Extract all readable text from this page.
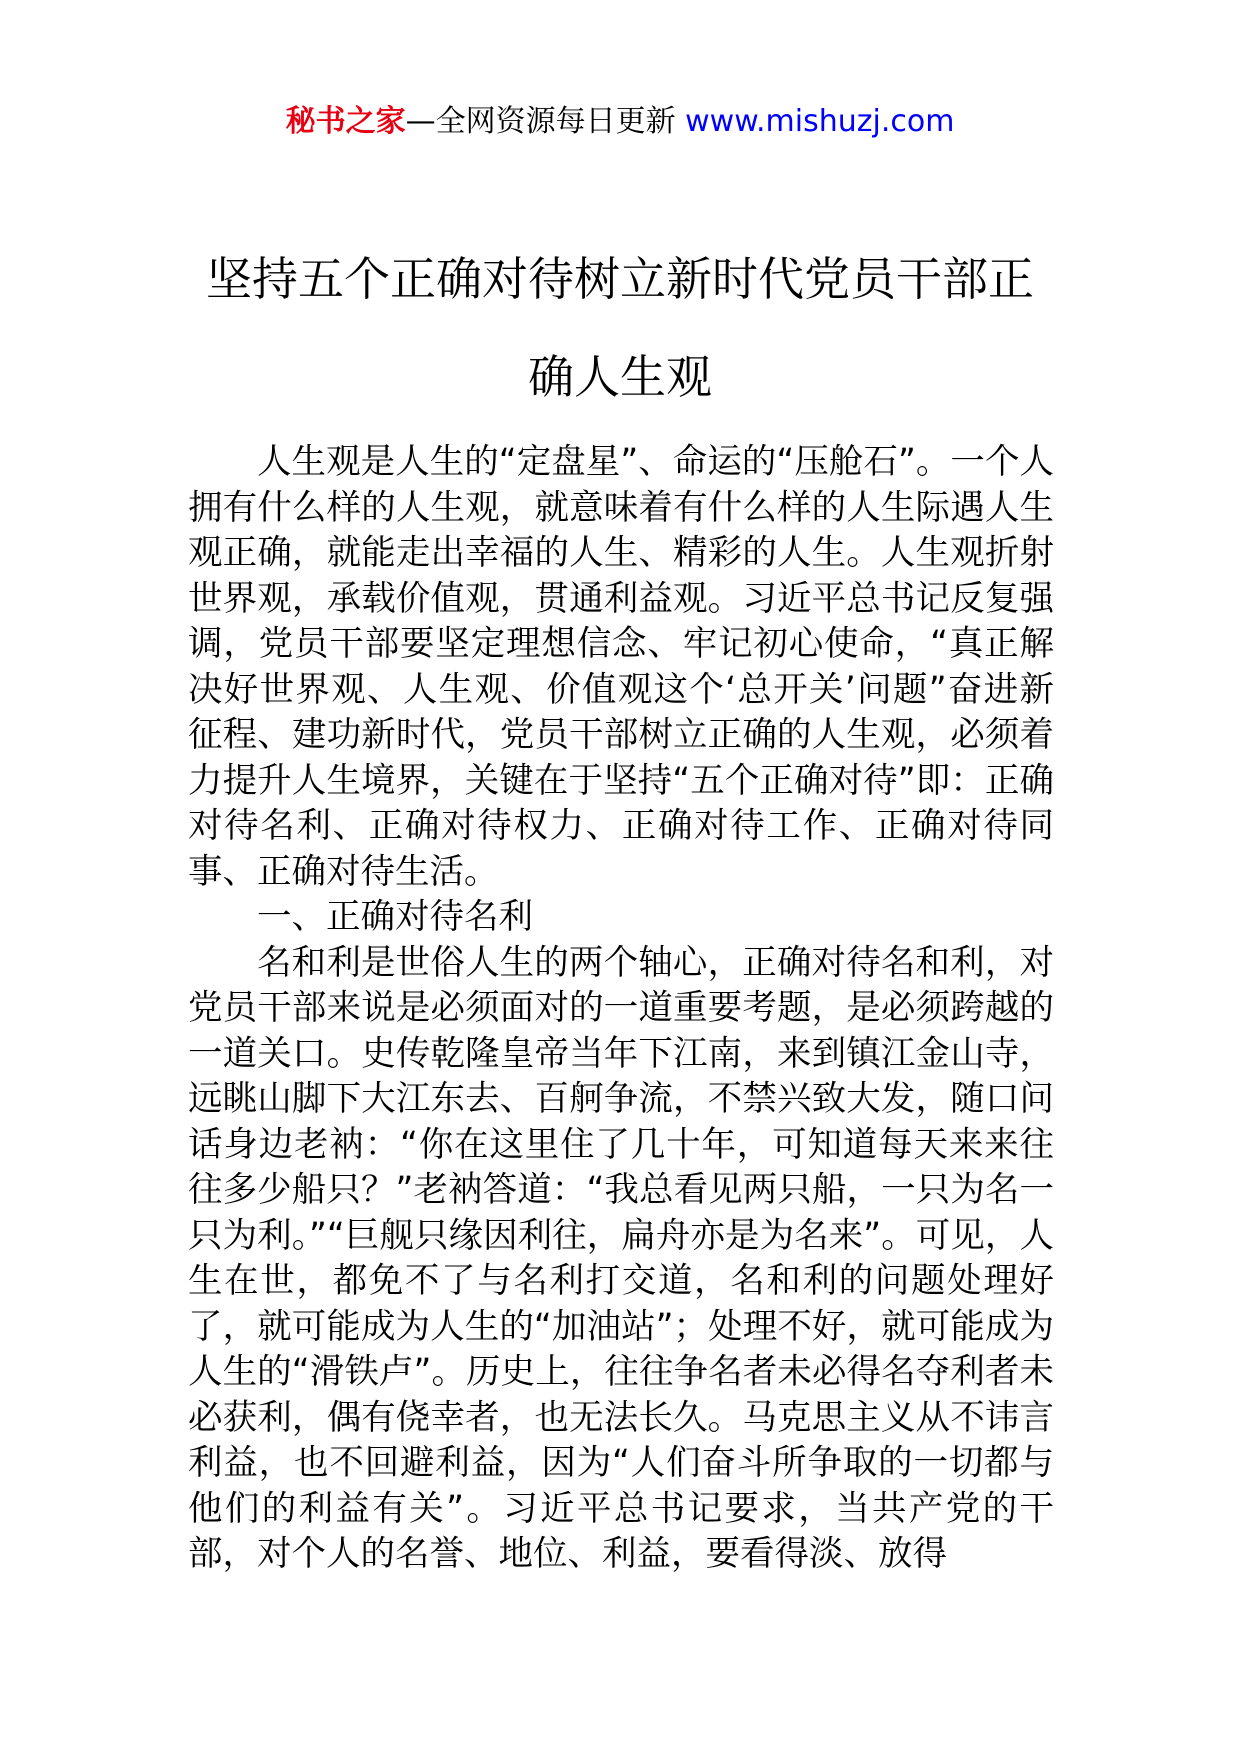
秘书之家—全网资源每日更新 www.mishuzj.com
坚持五个正确对待树立新时代党员干部正
确人生观

人生观是人生的“定盘星”、命运的“压舱石”。一个人拥有什么样的人生观，就意味着有什么样的人生际遇人生观正确，就能走出幸福的人生、精彩的人生。人生观折射世界观，承载价值观，贯通利益观。习近平总书记反复强调，党员干部要坚定理想信念、牢记初心使命，“真正解决好世界观、人生观、价值观这个‘总开关’问题”奋进新征程、建功新时代，党员干部树立正确的人生观，必须着力提升人生境界，关键在于坚持“五个正确对待”即：正确对待名利、正确对待权力、正确对待工作、正确对待同事、正确对待生活。

一、正确对待名利

名和利是世俗人生的两个轴心，正确对待名和利，对党员干部来说是必须面对的一道重要考题，是必须跨越的一道关口。史传乾隆皇帝当年下江南，来到镇江金山寺，远眺山脚下大江东去、百舸争流，不禁兴致大发，随口问话身边老衲：“你在这里住了几十年，可知道每天来来往往多少船只？”老衲答道：“我总看见两只船，一只为名一只为利。”“巨舰只缘因利往，扁舟亦是为名来”。可见，人生在世，都免不了与名利打交道，名和利的问题处理好了，就可能成为人生的“加油站”；处理不好，就可能成为人生的“滑铁卢”。历史上，往往争名者未必得名夺利者未必获利，偶有侥幸者，也无法长久。马克思主义从不讳言利益，也不回避利益，因为“人们奋斗所争取的一切都与他们的利益有关”。习近平总书记要求，当共产党的干部，对个人的名誉、地位、利益，要看得淡、放得
